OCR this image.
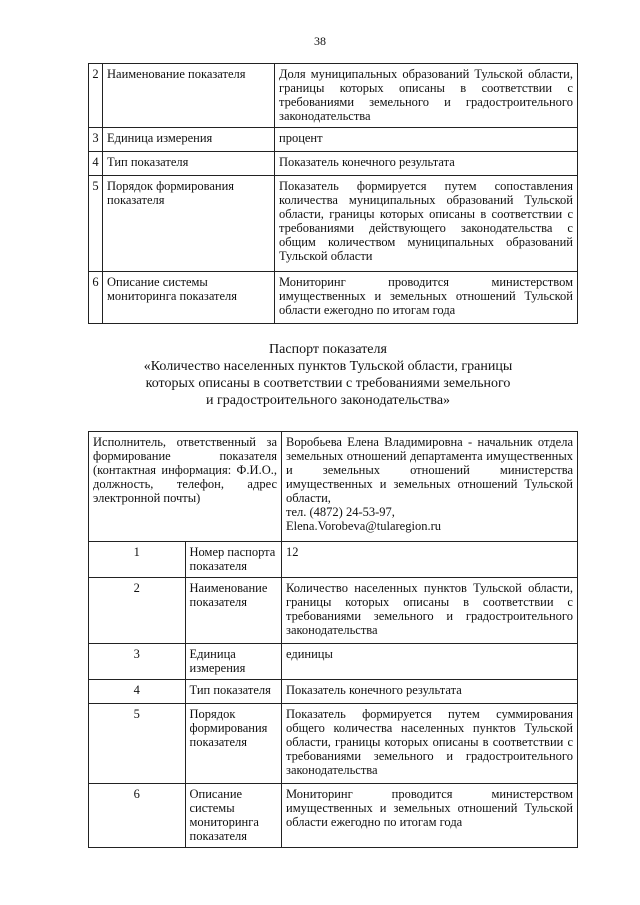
38
2	Наименование показателя	Доля муниципальных образований Тульской области, границы которых описаны в соответствии с требованиями земельного и градостроительного законодательства
3	Единица измерения	процент
4	Тип показателя	Показатель конечного результата
5	Порядок формирования показателя	Показатель формируется путем сопоставления количества муниципальных образований Тульской области, границы которых описаны в соответствии с требованиями действующего законодательства с общим количеством муниципальных образований Тульской области
6	Описание системы мониторинга показателя	Мониторинг проводится министерством имущественных и земельных отношений Тульской области ежегодно по итогам года
Паспорт показателя
«Количество населенных пунктов Тульской области, границы
которых описаны в соответствии с требованиями земельного
и градостроительного законодательства»
Исполнитель, ответственный за формирование показателя (контактная информация: Ф.И.О., должность, телефон, адрес электронной почты)		Воробьева Елена Владимировна - начальник отдела земельных отношений департамента имущественных и земельных отношений министерства имущественных и земельных отношений Тульской области,
тел. (4872) 24-53-97,
Elena.Vorobeva@tularegion.ru

1	Номер паспорта показателя	12
2	Наименование показателя	Количество населенных пунктов Тульской области, границы которых описаны в соответствии с требованиями земельного и градостроительного законодательства
3	Единица измерения	единицы
4	Тип показателя	Показатель конечного результата
5	Порядок формирования показателя	Показатель формируется путем суммирования общего количества населенных пунктов Тульской области, границы которых описаны в соответствии с требованиями земельного и градостроительного законодательства
6	Описание системы мониторинга показателя	Мониторинг проводится министерством имущественных и земельных отношений Тульской области ежегодно по итогам года
